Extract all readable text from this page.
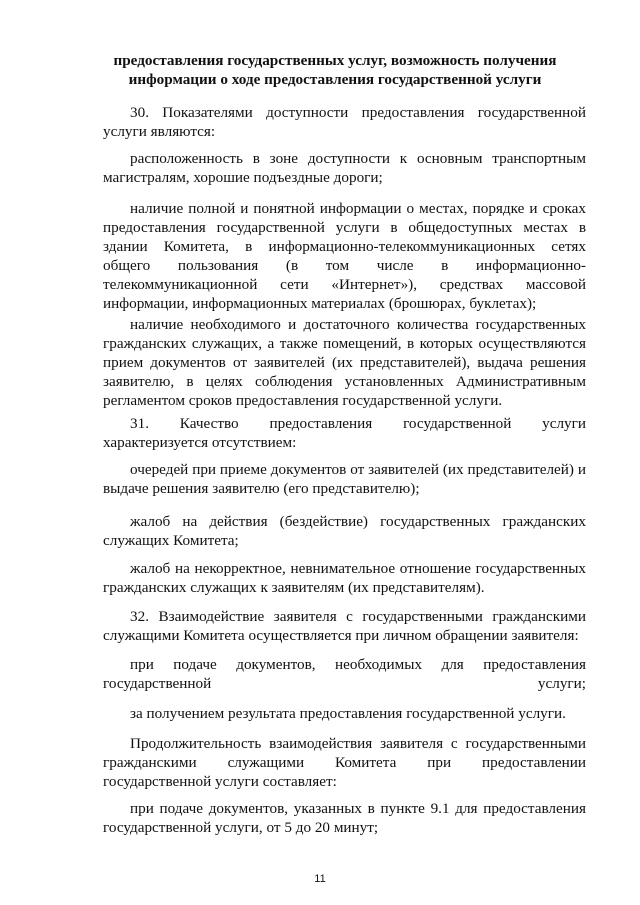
предоставления государственных услуг, возможность получения
информации о ходе предоставления государственной услуги

30. Показателями доступности предоставления государственной услуги являются:

расположенность в зоне доступности к основным транспортным магистралям, хорошие подъездные дороги;

наличие полной и понятной информации о местах, порядке и сроках предоставления государственной услуги в общедоступных местах в здании Комитета, в информационно-телекоммуникационных сетях общего пользования (в том числе в информационно-телекоммуникационной сети «Интернет»), средствах массовой информации, информационных материалах (брошюрах, буклетах);

наличие необходимого и достаточного количества государственных гражданских служащих, а также помещений, в которых осуществляются прием документов от заявителей (их представителей), выдача решения заявителю, в целях соблюдения установленных Административным регламентом сроков предоставления государственной услуги.

31. Качество предоставления государственной услуги характеризуется отсутствием:

очередей при приеме документов от заявителей (их представителей) и выдаче решения заявителю (его представителю);

жалоб на действия (бездействие) государственных гражданских служащих Комитета;

жалоб на некорректное, невнимательное отношение государственных гражданских служащих к заявителям (их представителям).

32. Взаимодействие заявителя с государственными гражданскими служащими Комитета осуществляется при личном обращении заявителя:

при подаче документов, необходимых для предоставления государственной услуги;

за получением результата предоставления государственной услуги.

Продолжительность взаимодействия заявителя с государственными гражданскими служащими Комитета при предоставлении государственной услуги составляет:

при подаче документов, указанных в пункте 9.1 для предоставления государственной услуги, от 5 до 20 минут;

11
